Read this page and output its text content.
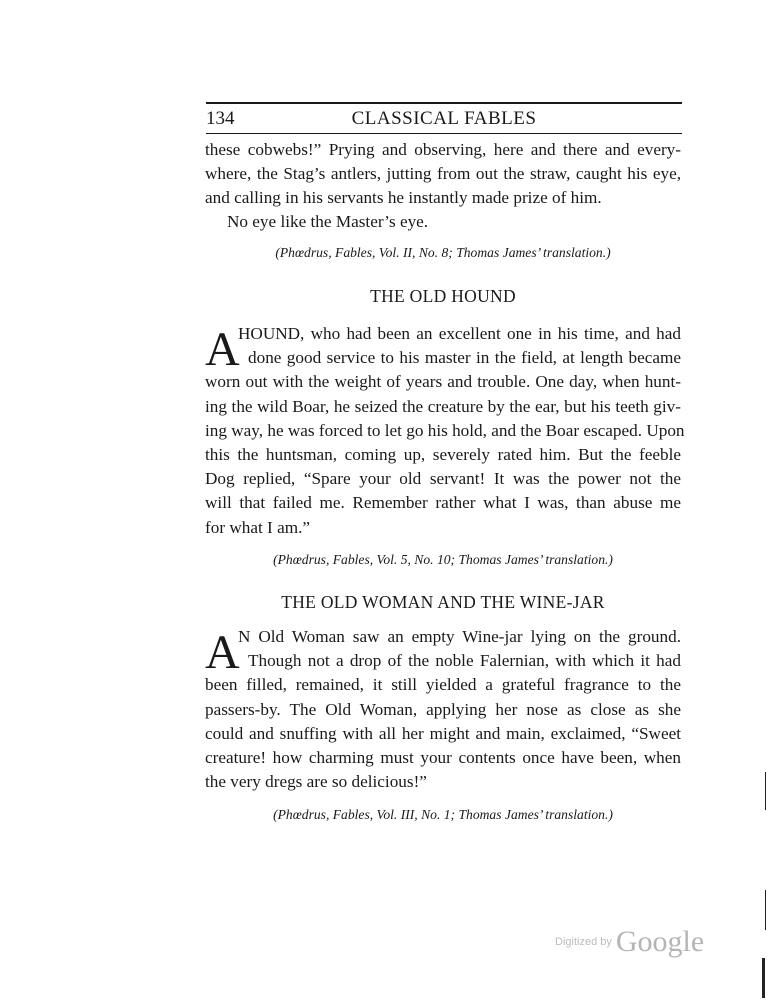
134	CLASSICAL FABLES
these cobwebs!” Prying and observing, here and there and every-
where, the Stag’s antlers, jutting from out the straw, caught his eye,
and calling in his servants he instantly made prize of him.
No eye like the Master’s eye.
(Phœdrus, Fables, Vol. II, No. 8; Thomas James’ translation.)
THE OLD HOUND
A
HOUND, who had been an excellent one in his time, and had
done good service to his master in the field, at length became
worn out with the weight of years and trouble. One day, when hunt-
ing the wild Boar, he seized the creature by the ear, but his teeth giv-
ing way, he was forced to let go his hold, and the Boar escaped. Upon
this the huntsman, coming up, severely rated him. But the feeble
Dog replied, “Spare your old servant! It was the power not the
will that failed me. Remember rather what I was, than abuse me
for what I am.”
(Phœdrus, Fables, Vol. 5, No. 10; Thomas James’ translation.)
THE OLD WOMAN AND THE WINE-JAR
A
N Old Woman saw an empty Wine-jar lying on the ground.
Though not a drop of the noble Falernian, with which it had
been filled, remained, it still yielded a grateful fragrance to the
passers-by. The Old Woman, applying her nose as close as she
could and snuffing with all her might and main, exclaimed, “Sweet
creature! how charming must your contents once have been, when
the very dregs are so delicious!”
(Phœdrus, Fables, Vol. III, No. 1; Thomas James’ translation.)
Digitized by Google
